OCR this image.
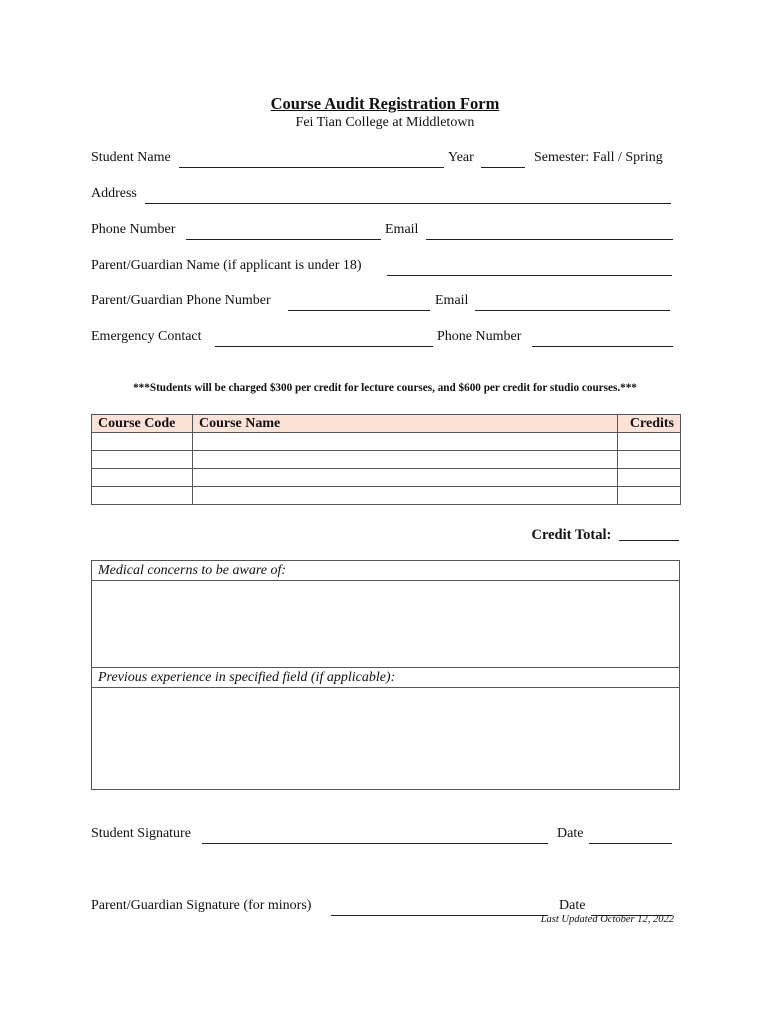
Course Audit Registration Form
Fei Tian College at Middletown
Student Name	Year	Semester: Fall / Spring
Address
Phone Number	Email
Parent/Guardian Name (if applicant is under 18)
Parent/Guardian Phone Number	Email
Emergency Contact	Phone Number
***Students will be charged $300 per credit for lecture courses, and $600 per credit for studio courses.***
Course Code	Course Name	Credits

Credit Total:
Medical concerns to be aware of:
Previous experience in specified field (if applicable):
Student Signature	Date
Parent/Guardian Signature (for minors)	Date
Last Updated October 12, 2022
